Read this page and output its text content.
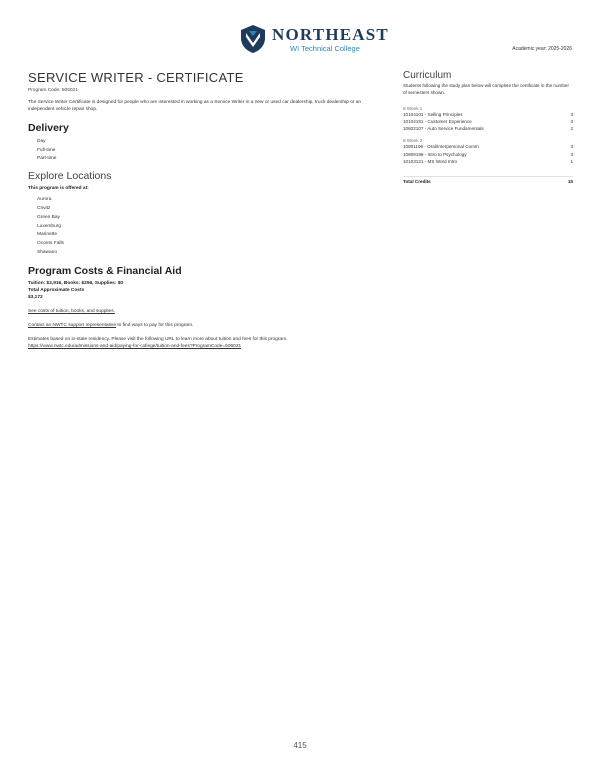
NORTHEAST
WI Technical College	Academic year: 2025-2026
SERVICE WRITER - CERTIFICATE
Program Code: 506021
The Service Writer Certificate is designed for people who are interested in working as a Service Writer in a new or used car dealership, truck dealership or an independent vehicle repair shop.
Delivery
Day
Full-time
Part-time
Explore Locations
This program is offered at:
Aurora
Crivitz
Green Bay
Luxemburg
Marinette
Oconto Falls
Shawano
Program Costs & Financial Aid
Tuition: $2,916, Books: $256, Supplies: $0
Total Approximate Costs
$3,172
See costs of tuition, books, and supplies.
Contact an NWTC support representative to find ways to pay for this program.
Estimates based on in-state residency. Please visit the following URL to learn more about tuition and fees for this program.
https://www.nwtc.edu/admissions-and-aid/paying-for-college/tuition-and-fees?ProgramCode=506021
Curriculum
Students following the study plan below will complete the certificate in the number of semesters shown.
8 Week 1
10104101 - Selling Principles	3
10104191 - Customer Experience	3
10602107 - Auto Service Fundamentals	2
8 Week 2
10801196 - Oral/Interpersonal Comm	3
10809198 - Intro to Psychology	3
10103121 - MS Word Intro	1
Total Credits	15
415
